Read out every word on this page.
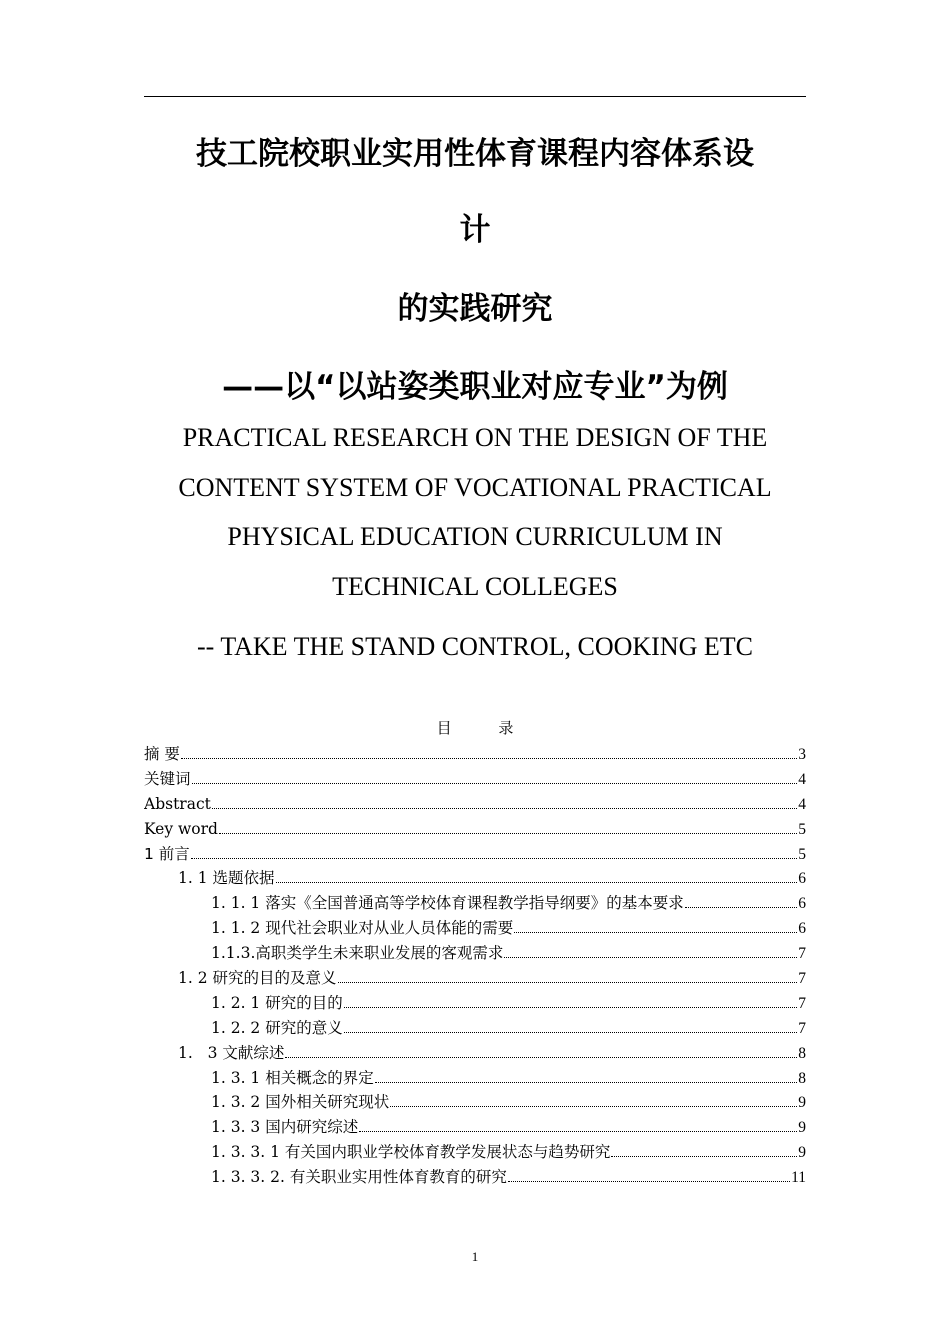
技工院校职业实用性体育课程内容体系设
计
的实践研究
——以“以站姿类职业对应专业”为例
PRACTICAL RESEARCH ON THE DESIGN OF THE
CONTENT SYSTEM OF VOCATIONAL PRACTICAL
PHYSICAL EDUCATION CURRICULUM IN
TECHNICAL COLLEGES
-- TAKE THE STAND CONTROL, COOKING ETC
目 录
摘 要	3
关键词	4
Abstract	4
Key word	5
1 前言	5
1. 1 选题依据	6
1. 1. 1 落实《全国普通高等学校体育课程教学指导纲要》的基本要求	6
1. 1. 2 现代社会职业对从业人员体能的需要	6
1.1.3.高职类学生未来职业发展的客观需求	7
1. 2 研究的目的及意义	7
1. 2. 1 研究的目的	7
1. 2. 2 研究的意义	7
1.   3 文献综述	8
1. 3. 1 相关概念的界定	8
1. 3. 2 国外相关研究现状	9
1. 3. 3 国内研究综述	9
1. 3. 3. 1 有关国内职业学校体育教学发展状态与趋势研究	9
1. 3. 3. 2. 有关职业实用性体育教育的研究	11
1
